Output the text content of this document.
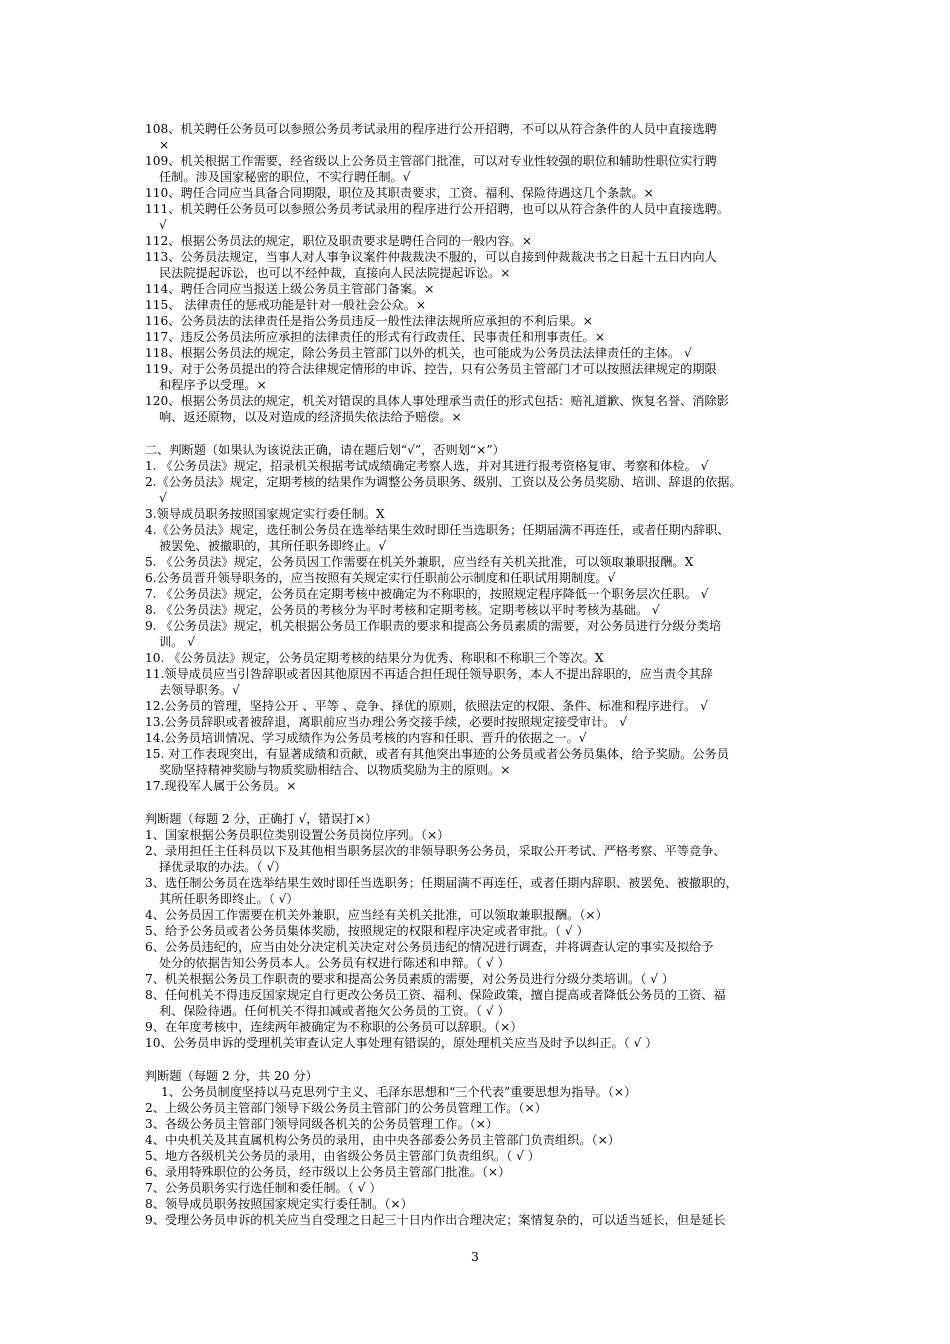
108、机关聘任公务员可以参照公务员考试录用的程序进行公开招聘，不可以从符合条件的人员中直接选聘

×

109、机关根据工作需要，经省级以上公务员主管部门批准，可以对专业性较强的职位和辅助性职位实行聘

任制。涉及国家秘密的职位，不实行聘任制。√

110、聘任合同应当具备合同期限，职位及其职责要求，工资、福利、保险待遇这几个条款。×

111、机关聘任公务员可以参照公务员考试录用的程序进行公开招聘，也可以从符合条件的人员中直接选聘。

√

112、根据公务员法的规定，职位及职责要求是聘任合同的一般内容。×

113、公务员法规定，当事人对人事争议案件仲裁裁决不服的，可以自接到仲裁裁决书之日起十五日内向人

民法院提起诉讼，也可以不经仲裁，直接向人民法院提起诉讼。×

114、聘任合同应当报送上级公务员主管部门备案。×

115、 法律责任的惩戒功能是针对一般社会公众。×

116、公务员法的法律责任是指公务员违反一般性法律法规所应承担的不利后果。×

117、违反公务员法所应承担的法律责任的形式有行政责任、民事责任和刑事责任。×

118、根据公务员法的规定，除公务员主管部门以外的机关，也可能成为公务员法法律责任的主体。 √

119、对于公务员提出的符合法律规定情形的申诉、控告，只有公务员主管部门才可以按照法律规定的期限

和程序予以受理。×

120、根据公务员法的规定，机关对错误的具体人事处理承当责任的形式包括：赔礼道歉、恢复名誉、消除影

响、返还原物，以及对造成的经济损失依法给予赔偿。×

二、判断题（如果认为该说法正确，请在题后划“√”，否则划“×”）

1. 《公务员法》规定，招录机关根据考试成绩确定考察人选，并对其进行报考资格复审、考察和体检。 √

2.《公务员法》规定，定期考核的结果作为调整公务员职务、级别、工资以及公务员奖励、培训、辞退的依据。

√

3.领导成员职务按照国家规定实行委任制。X

4.《公务员法》规定，选任制公务员在选举结果生效时即任当选职务；任期届满不再连任，或者任期内辞职、

被罢免、被撤职的，其所任职务即终止。√

5. 《公务员法》规定，公务员因工作需要在机关外兼职，应当经有关机关批准，可以领取兼职报酬。X

6.公务员晋升领导职务的，应当按照有关规定实行任职前公示制度和任职试用期制度。√

7. 《公务员法》规定，公务员在定期考核中被确定为不称职的，按照规定程序降低一个职务层次任职。 √

8. 《公务员法》规定，公务员的考核分为平时考核和定期考核。定期考核以平时考核为基础。 √

9. 《公务员法》规定，机关根据公务员工作职责的要求和提高公务员素质的需要，对公务员进行分级分类培

训。 √

10. 《公务员法》规定，公务员定期考核的结果分为优秀、称职和不称职三个等次。X

11.领导成员应当引咎辞职或者因其他原因不再适合担任现任领导职务，本人不提出辞职的，应当责令其辞

去领导职务。√

12.公务员的管理，坚持公开 、平等 、竞争、择优的原则，依照法定的权限、条件、标准和程序进行。 √

13.公务员辞职或者被辞退，离职前应当办理公务交接手续，必要时按照规定接受审计。 √

14.公务员培训情况、学习成绩作为公务员考核的内容和任职、晋升的依据之一。√

15. 对工作表现突出，有显著成绩和贡献，或者有其他突出事迹的公务员或者公务员集体，给予奖励。公务员

奖励坚持精神奖励与物质奖励相结合、以物质奖励为主的原则。×

17.现役军人属于公务员。×

判断题（每题 2 分，正确打 √，错误打×）

1、国家根据公务员职位类别设置公务员岗位序列。（×）

2、录用担任主任科员以下及其他相当职务层次的非领导职务公务员，采取公开考试、严格考察、平等竞争、

择优录取的办法。（ √）

3、选任制公务员在选举结果生效时即任当选职务；任期届满不再连任，或者任期内辞职、被罢免、被撤职的，

其所任职务即终止。（ √）

4、公务员因工作需要在机关外兼职，应当经有关机关批准，可以领取兼职报酬。（×）

5、给予公务员或者公务员集体奖励，按照规定的权限和程序决定或者审批。（ √ ）

6、公务员违纪的，应当由处分决定机关决定对公务员违纪的情况进行调查，并将调查认定的事实及拟给予

处分的依据告知公务员本人。公务员有权进行陈述和申辩。（ √ ）

7、机关根据公务员工作职责的要求和提高公务员素质的需要，对公务员进行分级分类培训。（ √ ）

8、任何机关不得违反国家规定自行更改公务员工资、福利、保险政策，擅自提高或者降低公务员的工资、福

利、保险待遇。任何机关不得扣减或者拖欠公务员的工资。（ √ ）

9、在年度考核中，连续两年被确定为不称职的公务员可以辞职。（×）

10、公务员申诉的受理机关审查认定人事处理有错误的，原处理机关应当及时予以纠正。（ √ ）

判断题（每题 2 分，共 20 分）

1、公务员制度坚持以马克思列宁主义、毛泽东思想和“三个代表”重要思想为指导。（×）

2、上级公务员主管部门领导下级公务员主管部门的公务员管理工作。（×）

3、各级公务员主管部门领导同级各机关的公务员管理工作。（×）

4、中央机关及其直属机构公务员的录用，由中央各部委公务员主管部门负责组织。（×）

5、地方各级机关公务员的录用，由省级公务员主管部门负责组织。（ √ ）

6、录用特殊职位的公务员，经市级以上公务员主管部门批准。（×）

7、公务员职务实行选任制和委任制。（ √ ）

8、领导成员职务按照国家规定实行委任制。（×）

9、受理公务员申诉的机关应当自受理之日起三十日内作出合理决定；案情复杂的，可以适当延长，但是延长

3
